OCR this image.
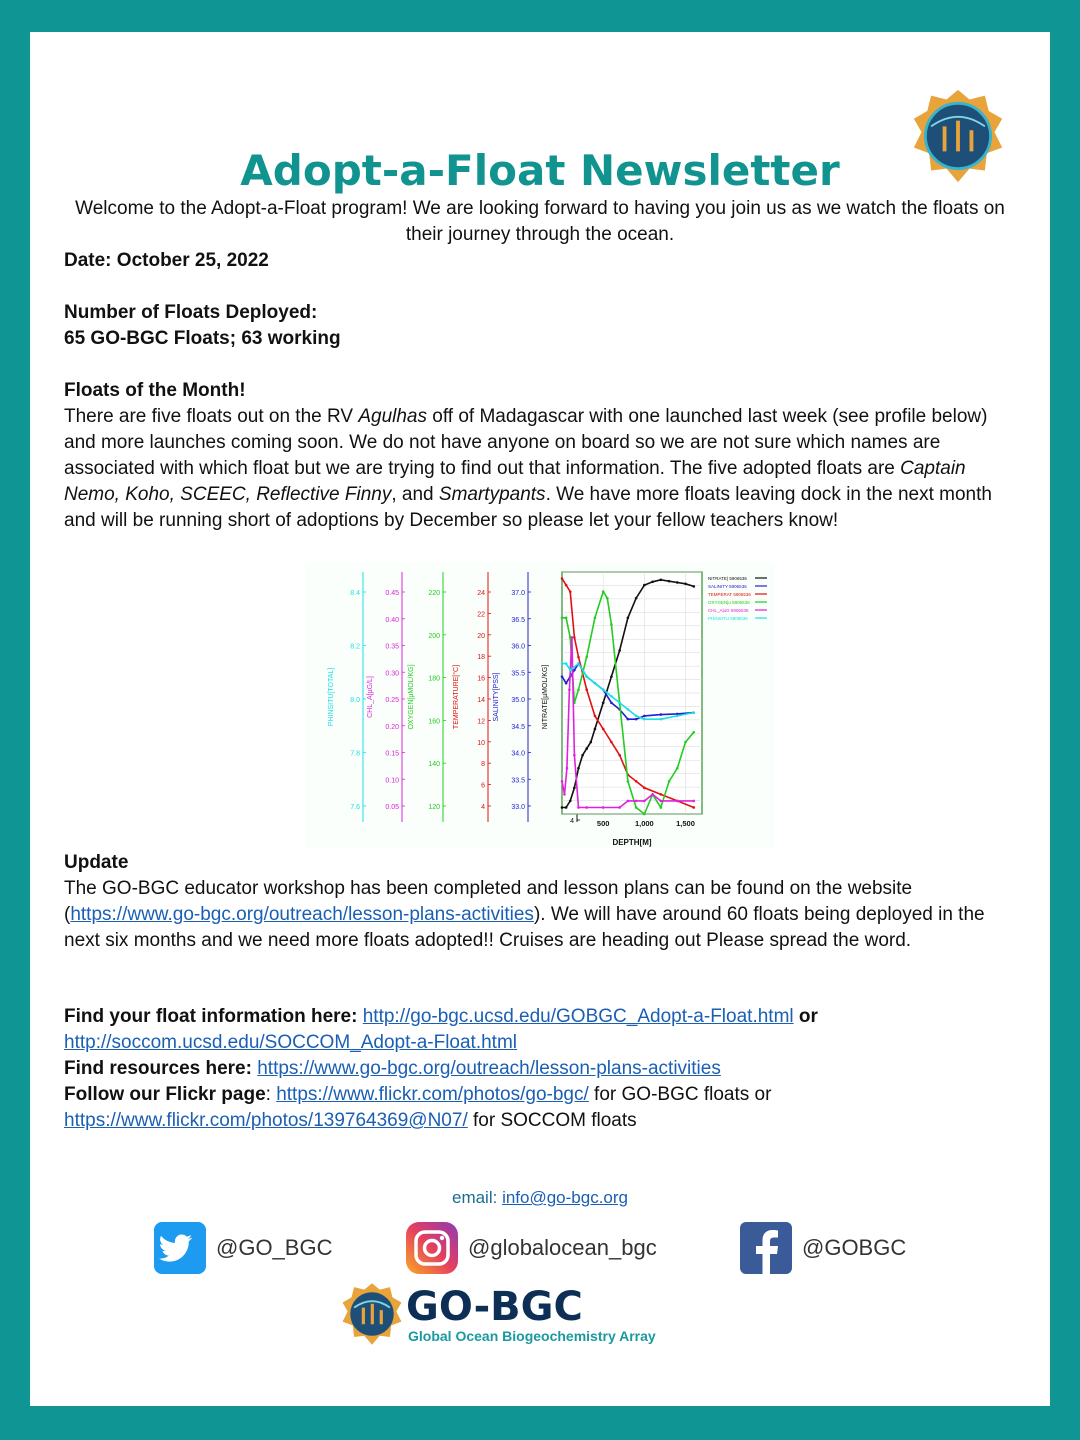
Adopt-a-Float Newsletter
Welcome to the Adopt-a-Float program! We are looking forward to having you join us as we watch the floats on their journey through the ocean.
Date: October 25, 2022
Number of Floats Deployed:
65 GO-BGC Floats; 63 working
Floats of the Month!
There are five floats out on the RV Agulhas off of Madagascar with one launched last week (see profile below) and more launches coming soon. We do not have anyone on board so we are not sure which names are associated with which float but we are trying to find out that information. The five adopted floats are Captain Nemo, Koho, SCEEC, Reflective Finny, and Smartypants. We have more floats leaving dock in the next month and will be running short of adoptions by December so please let your fellow teachers know!
8.4
8.2
8.0
7.8
7.6
PHINSITU[TOTAL]
0.45
0.40
0.35
0.30
0.25
0.20
0.15
0.10
0.05
CHL_A[µG/L]
220
200
180
160
140
120
OXYGEN[µMOL/KG]
24
22
20
18
16
14
12
10
8
6
4
TEMPERATURE[°C]
37.0
36.5
36.0
35.5
35.0
34.5
34.0
33.5
33.0
SALINITY[PSS]
4
NITRATE[µMOL/KG]
500	1,000	1,500
DEPTH[M]
NITRATE| 5906536
SALINITY 5906536
TEMPERAT 5906536
OXYGEN|u 5906536
CHL_A|uG 5906536
PHINSITU 5906536
Update
The GO-BGC educator workshop has been completed and lesson plans can be found on the website (https://www.go-bgc.org/outreach/lesson-plans-activities). We will have around 60 floats being deployed in the next six months and we need more floats adopted!! Cruises are heading out Please spread the word.
Find your float information here: http://go-bgc.ucsd.edu/GOBGC_Adopt-a-Float.html or
http://soccom.ucsd.edu/SOCCOM_Adopt-a-Float.html
Find resources here: https://www.go-bgc.org/outreach/lesson-plans-activities
Follow our Flickr page: https://www.flickr.com/photos/go-bgc/ for GO-BGC floats or
https://www.flickr.com/photos/139764369@N07/ for SOCCOM floats
email: info@go-bgc.org
@GO_BGC	@globalocean_bgc	@GOBGC
GO-BGC
Global Ocean Biogeochemistry Array
